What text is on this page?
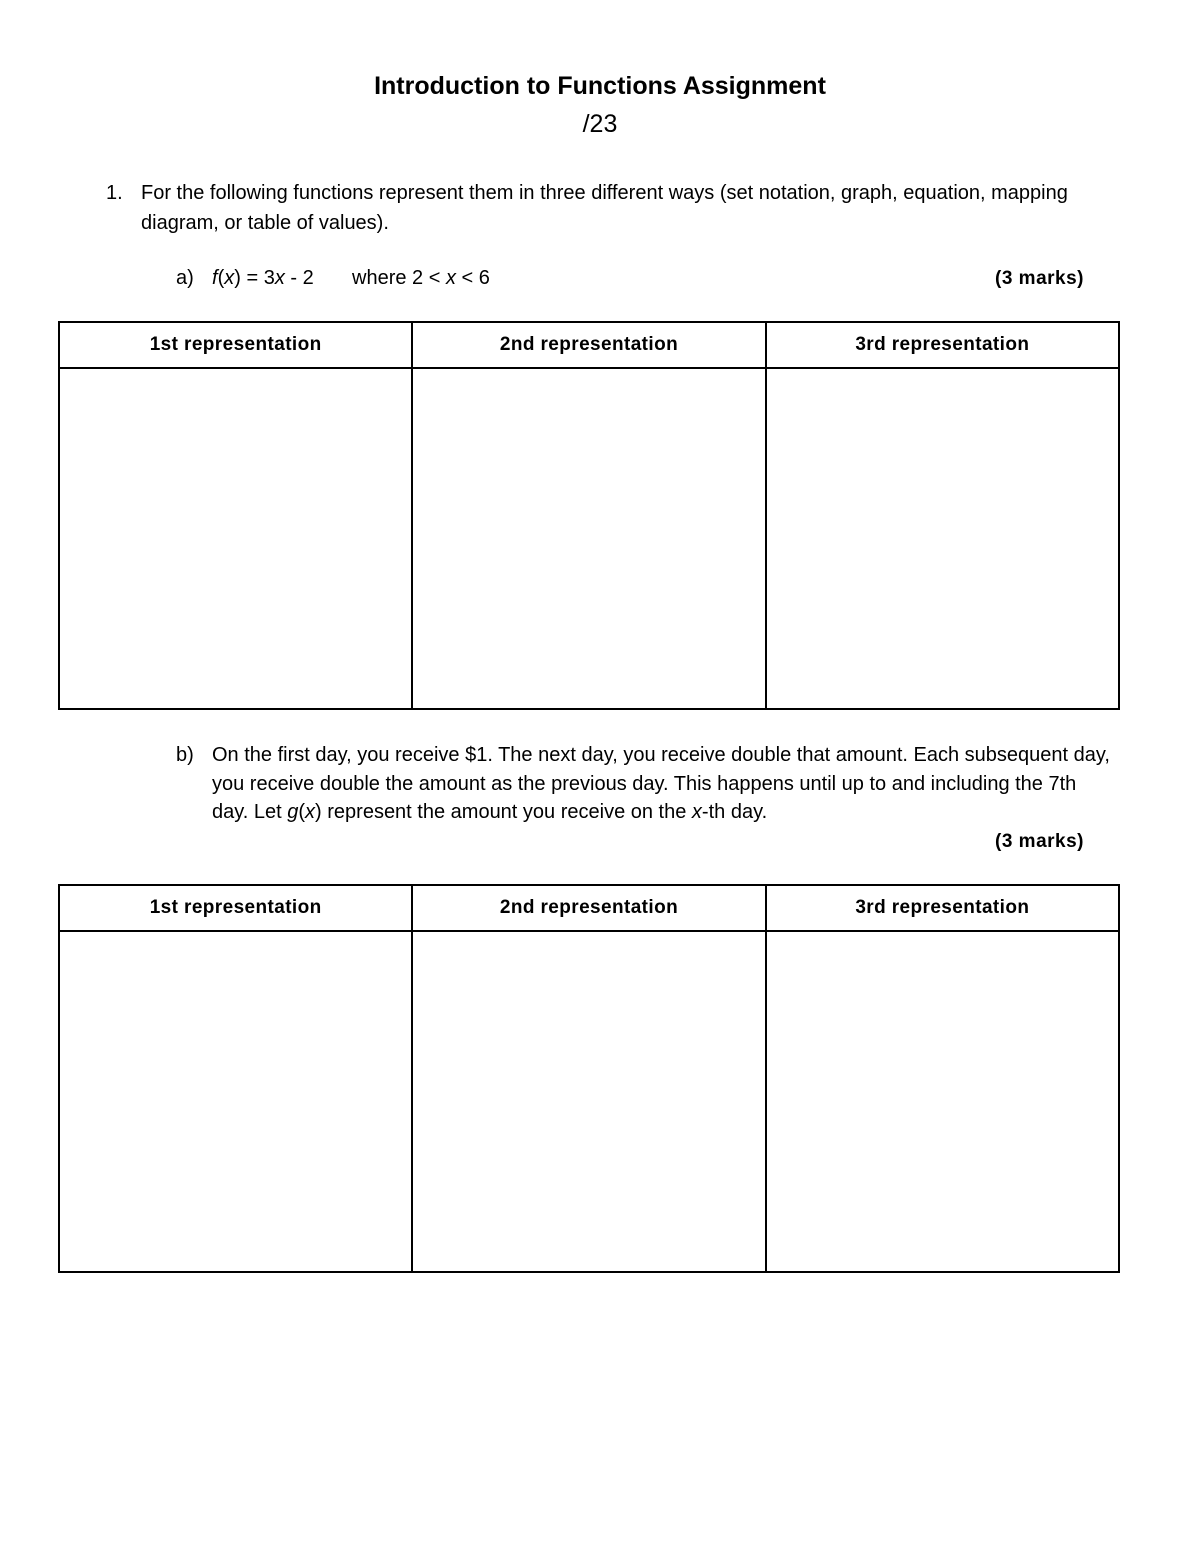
Introduction to Functions Assignment
/23
1. For the following functions represent them in three different ways (set notation, graph, equation, mapping diagram, or table of values).
a) f(x) = 3x - 2 where 2 < x < 6	(3 marks)
1st representation	2nd representation	3rd representation

b) On the first day, you receive $1. The next day, you receive double that amount. Each subsequent day, you receive double the amount as the previous day. This happens until up to and including the 7th day. Let g(x) represent the amount you receive on the x-th day.
(3 marks)
1st representation	2nd representation	3rd representation
